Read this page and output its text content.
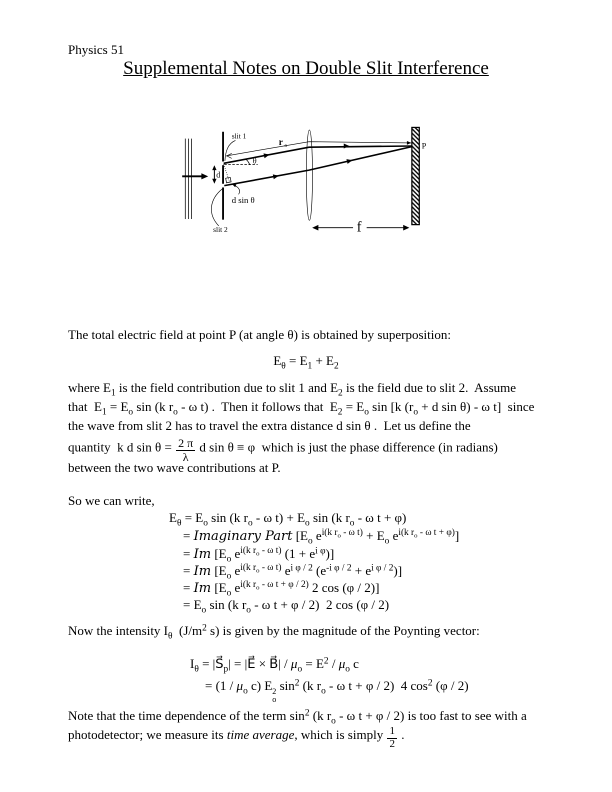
Physics 51
Supplemental Notes on Double Slit Interference
θ
d
slit 1
slit 2
d sin θ
r o	P
f
The total electric field at point P (at angle θ) is obtained by superposition:
$E_\theta = E_1 + E_2$
where $E_1$ is the field contribution due to slit 1 and $E_2$ is the field due to slit 2.  Assume
that  $E_1 = E_o$ sin (k $r_o$ - ω t) .  Then it follows that  $E_2 = E_o$ sin [k ($r_o + d$ sin θ) - ω t]  since
the wave from slit 2 has to travel the extra distance d sin θ .  Let us define the
quantity  k d $\sin \theta = \frac{2 \pi}{\lambda}$ d sin θ ≡ φ  which is just the phase difference (in radians)
between the two wave contributions at P.
So we can write,
$E_\theta = E_o$ sin (k $r_o$ - ω $t) + E_o$ sin (k $r_o$ - ω t + φ)
= Imaginary Part [$E_o$ $e^{i(k r_o - \omega t)} + E_o$ $e^{i(k r_o - \omega t + \varphi)}$]
= Im [$E_o$ $e^{i(k r_o - \omega t)}$ $(1 + e^{i \varphi})$]
= Im [$E_o$ $e^{i(k r_o - \omega t)}$ $e^{i \varphi / 2}$ $(e^{-i \varphi / 2} + e^{i \varphi / 2})$]
= Im [$E_o$ $e^{i(k r_o - \omega t + \varphi / 2)}$ 2 cos (φ / 2)]
= $E_o$ sin (k $r_o$ - ω t + φ / 2)  2 cos (φ / 2)
Now the intensity $I_\theta$  ($J/m^2$ s) is given by the magnitude of the Poynting vector:
$I_\theta$ = $|S⃗_p|$ = |E⃗ × B⃗| / $\mu_o = E^2 / \mu_o$ c
= ($1 / \mu_o$ c) E 2
o
$\sin^2 (k$ $r_o$ - ω t + φ / 2)  4 $\cos^2 (\varphi / 2)$
Note that the time dependence of the term $\sin^2 (k$ $r_o$ - ω t + φ / 2) is too fast to see with a
photodetector; we measure its time average, which is simply $\frac{1}{2}$ .
